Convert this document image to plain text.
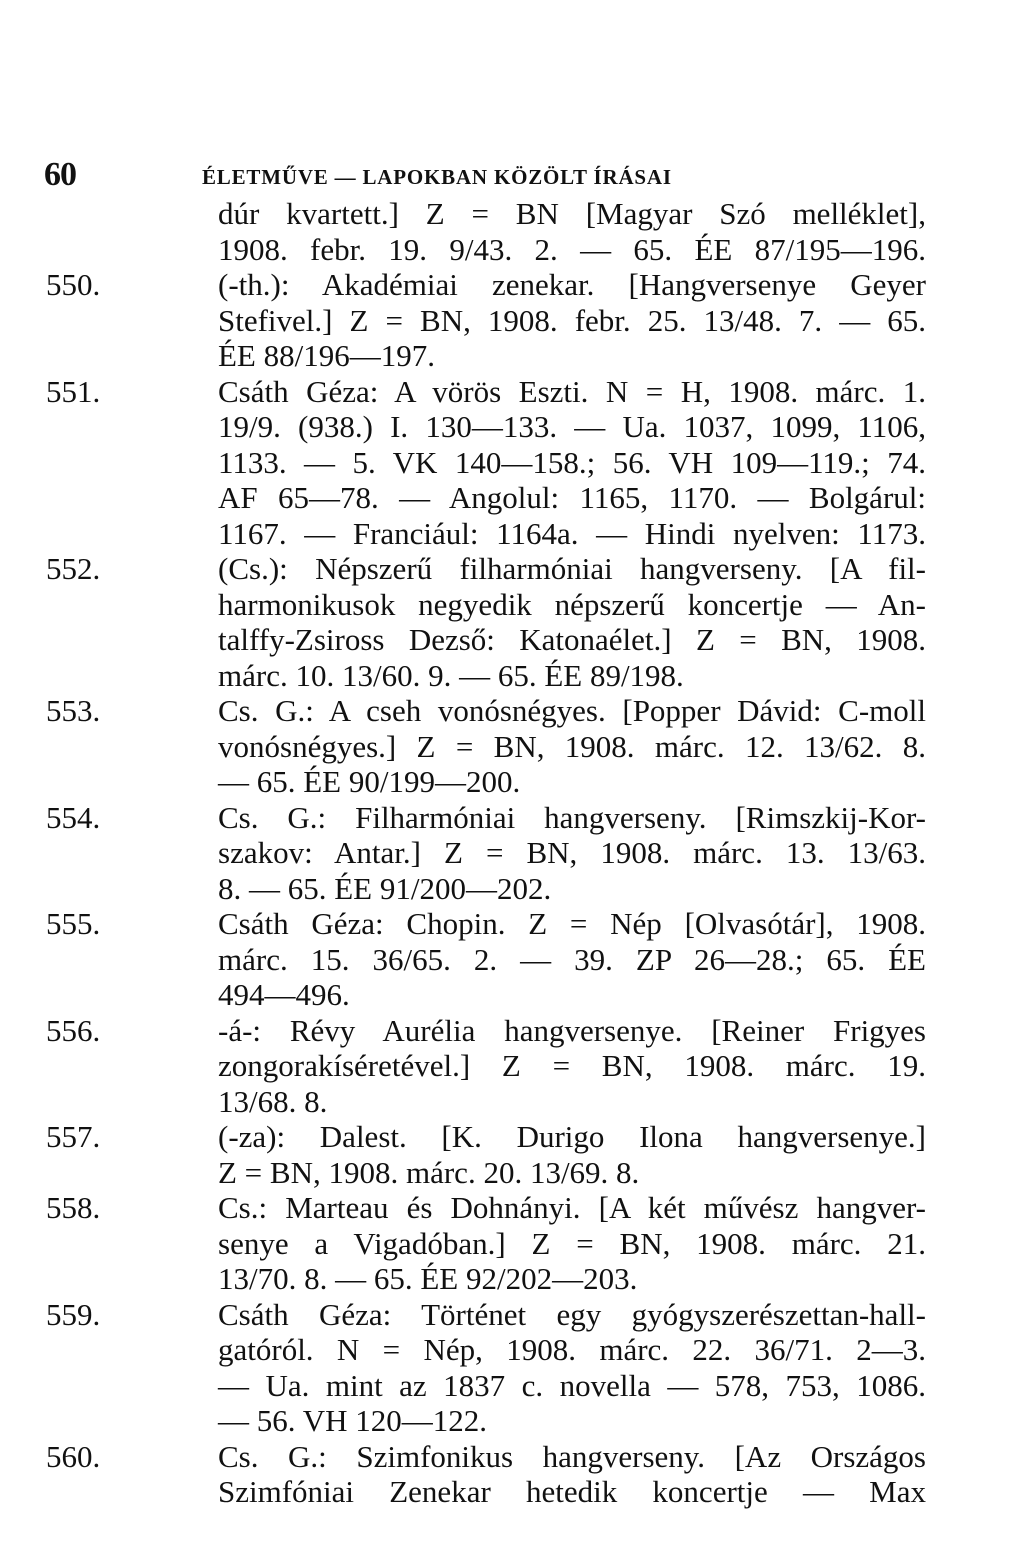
60	ÉLETMŰVE — LAPOKBAN KÖZÖLT ÍRÁSAI
dúr kvartett.] Z = BN [Magyar Szó melléklet],
1908. febr. 19. 9/43. 2. — 65. ÉE 87/195—196.
550.	(-th.): Akadémiai zenekar. [Hangversenye Geyer
Stefivel.] Z = BN, 1908. febr. 25. 13/48. 7. — 65.
ÉE 88/196—197.
551.	Csáth Géza: A vörös Eszti. N = H, 1908. márc. 1.
19/9. (938.) I. 130—133. — Ua. 1037, 1099, 1106,
1133. — 5. VK 140—158.; 56. VH 109—119.; 74.
AF 65—78. — Angolul: 1165, 1170. — Bolgárul:
1167. — Franciául: 1164a. — Hindi nyelven: 1173.
552.	(Cs.): Népszerű filharmóniai hangverseny. [A fil-
harmonikusok negyedik népszerű koncertje — An-
talffy-Zsiross Dezső: Katonaélet.] Z = BN, 1908.
márc. 10. 13/60. 9. — 65. ÉE 89/198.
553.	Cs. G.: A cseh vonósnégyes. [Popper Dávid: C-moll
vonósnégyes.] Z = BN, 1908. márc. 12. 13/62. 8.
— 65. ÉE 90/199—200.
554.	Cs. G.: Filharmóniai hangverseny. [Rimszkij-Kor-
szakov: Antar.] Z = BN, 1908. márc. 13. 13/63.
8. — 65. ÉE 91/200—202.
555.	Csáth Géza: Chopin. Z = Nép [Olvasótár], 1908.
márc. 15. 36/65. 2. — 39. ZP 26—28.; 65. ÉE
494—496.
556.	-á-: Révy Aurélia hangversenye. [Reiner Frigyes
zongorakíséretével.] Z = BN, 1908. márc. 19.
13/68. 8.
557.	(-za): Dalest. [K. Durigo Ilona hangversenye.]
Z = BN, 1908. márc. 20. 13/69. 8.
558.	Cs.: Marteau és Dohnányi. [A két művész hangver-
senye a Vigadóban.] Z = BN, 1908. márc. 21.
13/70. 8. — 65. ÉE 92/202—203.
559.	Csáth Géza: Történet egy gyógyszerészettan-hall-
gatóról. N = Nép, 1908. márc. 22. 36/71. 2—3.
— Ua. mint az 1837 c. novella — 578, 753, 1086.
— 56. VH 120—122.
560.	Cs. G.: Szimfonikus hangverseny. [Az Országos
Szimfóniai Zenekar hetedik koncertje — Max
